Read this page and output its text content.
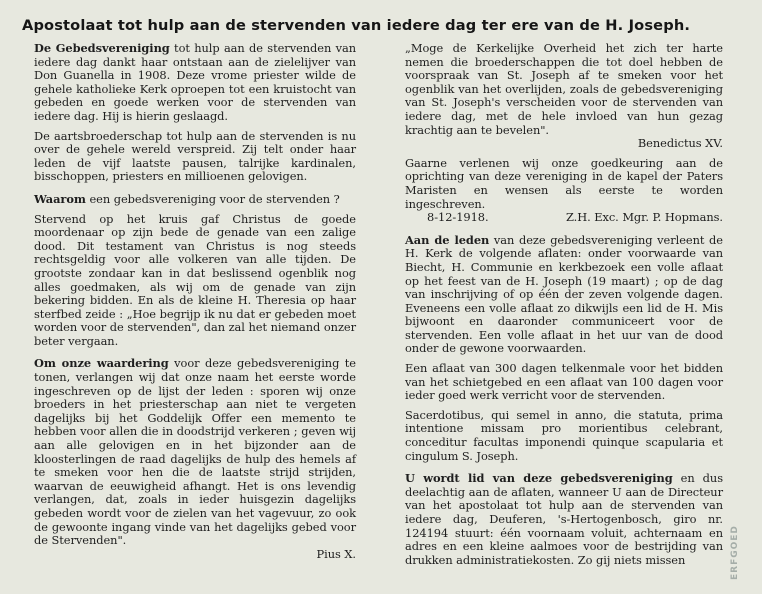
Apostolaat tot hulp aan de stervenden van iedere dag ter ere van de H. Joseph.

De Gebedsvereniging tot hulp aan de stervenden van iedere dag dankt haar ontstaan aan de zielelijver van Don Guanella in 1908. Deze vrome priester wilde de gehele katholieke Kerk oproepen tot een kruistocht van gebeden en goede werken voor de stervenden van iedere dag. Hij is hierin geslaagd.

De aartsbroederschap tot hulp aan de stervenden is nu over de gehele wereld verspreid. Zij telt onder haar leden de vijf laatste pausen, talrijke kardinalen, bisschoppen, priesters en millioenen gelovigen.

Waarom een gebedsvereniging voor de stervenden ?

Stervend op het kruis gaf Christus de goede moordenaar op zijn bede de genade van een zalige dood. Dit testament van Christus is nog steeds rechtsgeldig voor alle volkeren van alle tijden. De grootste zondaar kan in dat beslissend ogenblik nog alles goedmaken, als wij om de genade van zijn bekering bidden. En als de kleine H. Theresia op haar sterfbed zeide : „Hoe begrijp ik nu dat er gebeden moet worden voor de stervenden", dan zal het niemand onzer beter vergaan.

Om onze waardering voor deze gebedsvereniging te tonen, verlangen wij dat onze naam het eerste worde ingeschreven op de lijst der leden : sporen wij onze broeders in het priesterschap aan niet te vergeten dagelijks bij het Goddelijk Offer een memento te hebben voor allen die in doodstrijd verkeren ; geven wij aan alle gelovigen en in het bijzonder aan de kloosterlingen de raad dagelijks de hulp des hemels af te smeken voor hen die de laatste strijd strijden, waarvan de eeuwigheid afhangt. Het is ons levendig verlangen, dat, zoals in ieder huisgezin dagelijks gebeden wordt voor de zielen van het vagevuur, zo ook de gewoonte ingang vinde van het dagelijks gebed voor de Stervenden".
Pius X.

„Moge de Kerkelijke Overheid het zich ter harte nemen die broederschappen die tot doel hebben de voorspraak van St. Joseph af te smeken voor het ogenblik van het overlijden, zoals de gebedsvereniging van St. Joseph's verscheiden voor de stervenden van iedere dag, met de hele invloed van hun gezag krachtig aan te bevelen".
Benedictus XV.

Gaarne verlenen wij onze goedkeuring aan de oprichting van deze vereniging in de kapel der Paters Maristen en wensen als eerste te worden ingeschreven.
8-12-1918.	Z.H. Exc. Mgr. P. Hopmans.

Aan de leden van deze gebedsvereniging verleent de H. Kerk de volgende aflaten: onder voorwaarde van Biecht, H. Communie en kerkbezoek een volle aflaat op het feest van de H. Joseph (19 maart) ; op de dag van inschrijving of op één der zeven volgende dagen. Eveneens een volle aflaat zo dikwijls een lid de H. Mis bijwoont en daaronder communiceert voor de stervenden. Een volle aflaat in het uur van de dood onder de gewone voorwaarden.

Een aflaat van 300 dagen telkenmale voor het bidden van het schietgebed en een aflaat van 100 dagen voor ieder goed werk verricht voor de stervenden.

Sacerdotibus, qui semel in anno, die statuta, prima intentione missam pro morientibus celebrant, conceditur facultas imponendi quinque scapularia et cingulum S. Joseph.

U wordt lid van deze gebedsvereniging en dus deelachtig aan de aflaten, wanneer U aan de Directeur van het apostolaat tot hulp aan de stervenden van iedere dag, Deuferen, 's-Hertogenbosch, giro nr. 124194 stuurt: één voornaam voluit, achternaam en adres en een kleine aalmoes voor de bestrijding van drukken administratiekosten. Zo gij niets missen	ERFGOED
